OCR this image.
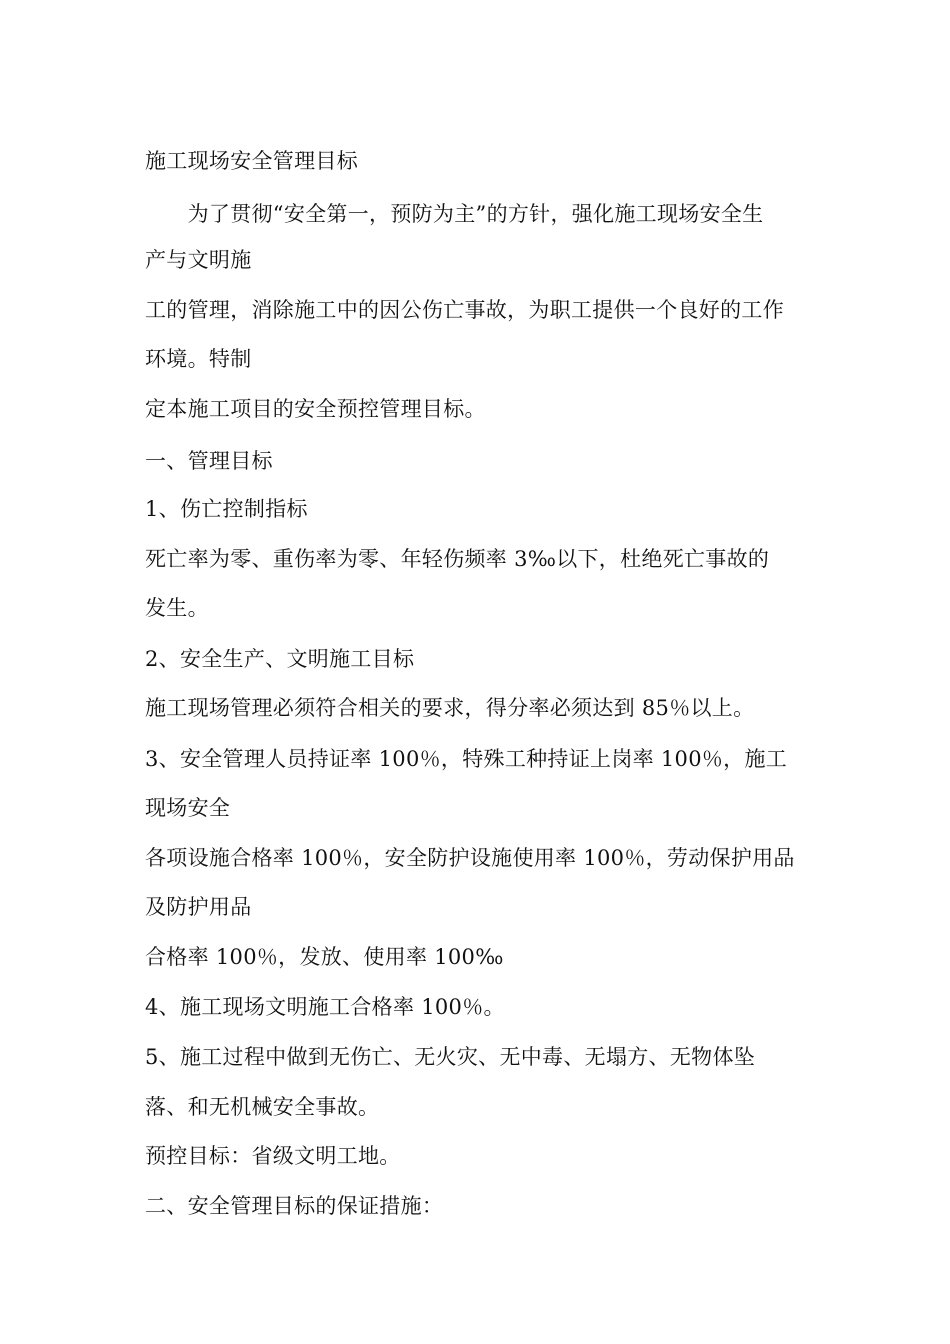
施工现场安全管理目标
　　为了贯彻“安全第一，预防为主”的方针，强化施工现场安全生
产与文明施
工的管理，消除施工中的因公伤亡事故，为职工提供一个良好的工作
环境。特制
定本施工项目的安全预控管理目标。
一、管理目标
1、伤亡控制指标
死亡率为零、重伤率为零、年轻伤频率 3‰以下，杜绝死亡事故的
发生。
2、安全生产、文明施工目标
施工现场管理必须符合相关的要求，得分率必须达到 85％以上。
3、安全管理人员持证率 100％，特殊工种持证上岗率 100％，施工
现场安全
各项设施合格率 100％，安全防护设施使用率 100％，劳动保护用品
及防护用品
合格率 100％，发放、使用率 100‰
4、施工现场文明施工合格率 100％。
5、施工过程中做到无伤亡、无火灾、无中毒、无塌方、无物体坠
落、和无机械安全事故。
预控目标：省级文明工地。
二、安全管理目标的保证措施：
